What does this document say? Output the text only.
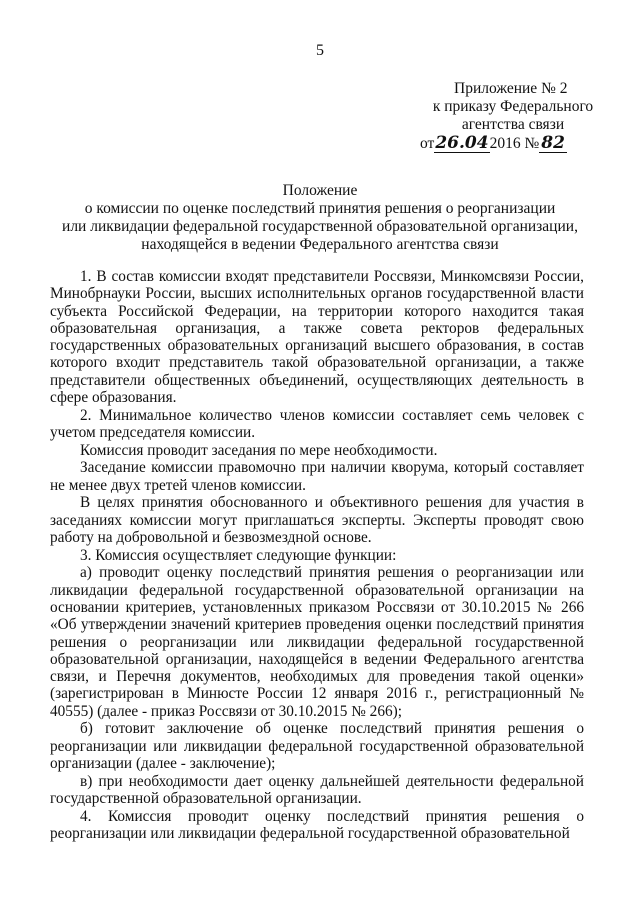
5
Приложение № 2
к приказу Федерального
агентства связи
от26.042016 № 82
Положение
о комиссии по оценке последствий принятия решения о реорганизации
или ликвидации федеральной государственной образовательной организации,
находящейся в ведении Федерального агентства связи

1. В состав комиссии входят представители Россвязи, Минкомсвязи России, Минобрнауки России, высших исполнительных органов государственной власти субъекта Российской Федерации, на территории которого находится такая образовательная организация, а также совета ректоров федеральных государственных образовательных организаций высшего образования, в состав которого входит представитель такой образовательной организации, а также представители общественных объединений, осуществляющих деятельность в сфере образования.

2. Минимальное количество членов комиссии составляет семь человек с учетом председателя комиссии.

Комиссия проводит заседания по мере необходимости.

Заседание комиссии правомочно при наличии кворума, который составляет не менее двух третей членов комиссии.

В целях принятия обоснованного и объективного решения для участия в заседаниях комиссии могут приглашаться эксперты. Эксперты проводят свою работу на добровольной и безвозмездной основе.

3. Комиссия осуществляет следующие функции:

а) проводит оценку последствий принятия решения о реорганизации или ликвидации федеральной государственной образовательной организации на основании критериев, установленных приказом Россвязи от 30.10.2015 № 266 «Об утверждении значений критериев проведения оценки последствий принятия решения о реорганизации или ликвидации федеральной государственной образовательной организации, находящейся в ведении Федерального агентства связи, и Перечня документов, необходимых для проведения такой оценки» (зарегистрирован в Минюсте России 12 января 2016 г., регистрационный № 40555) (далее - приказ Россвязи от 30.10.2015 № 266);

б) готовит заключение об оценке последствий принятия решения о реорганизации или ликвидации федеральной государственной образовательной организации (далее - заключение);

в) при необходимости дает оценку дальнейшей деятельности федеральной государственной образовательной организации.

4. Комиссия проводит оценку последствий принятия решения о реорганизации или ликвидации федеральной государственной образовательной
